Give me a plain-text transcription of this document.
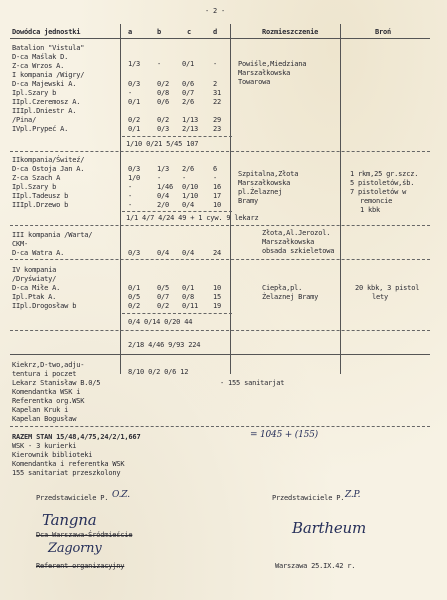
- 2 -
Dowódca jednostki	a	b	c	d	Rozmieszczenie	Broń
Batalion "Vistula"
D-ca Maślak D.
Z-ca Wrzos A.	1/3 -	0/1	-	Powiśle,Miedziana
Marszałkowska
Towarowa
I kompania /Wigry/
D-ca Majewski A.	0/3 0/2 0/6	2
Ipl.Szary b	-	0/8 0/7	31
IIpl.Czeremosz A.	0/1 0/6 2/6	22
IIIpl.Dniestr A.
/Pina/	0/2 0/2 1/13 29
IVpl.Prypeć A.	0/1 0/3 2/13 23
1/10 0/21 5/45 107
IIkompania/Świteź/
D-ca Ostoja Jan A.	0/3 1/3 2/6	6
Z-ca Szach A	1/0 -	-	-
Ipl.Szary b	-	1/46 0/10 16
IIpl.Tadeusz b	-	0/4 1/10 17
IIIpl.Drzewo b	-	2/0 0/4	10
Szpitalna,Złota
Marszałkowska
pl.Żelaznej
Bramy
1 rkm,25 gr.szcz.
5 pistoletów,śb.
7 pistoletów w
remoncie
1 kbk
1/1 4/7 4/24 49 + 1 cyw. 9 lekarz
III kompania /Warta/
CKM-
D-ca Watra A.	0/3 0/4 0/4	24
Złota,Al.Jerozol.
Marszałkowska
obsada szkieletowa
IV kompania
/Dryświaty/
D-ca Miłe A.	0/1 0/5 0/1	10
Ipl.Ptak A.	0/5 0/7 0/8	15
IIpl.Drogosław b	0/2 0/2 0/11 19
Ciepła,pl.
Żelaznej Bramy
20 kbk, 3 pistol
lety
0/4 0/14 0/20 44
2/18 4/46 9/93 224
Kiekrz,D-two,adju-
tentura i poczet	8/10 0/2 0/6 12
Lekarz Stanisław B.0/5	- 155 sanitarjat
Komendantka WSK i
Referentka org.WSK
Kapelan Kruk i
Kapelan Bogusław
RAZEM STAN 15/48,4/75,24/2/1,667	= 1045 + (155)
WSK - 3 kurierki
Kierownik biblioteki
Komendantka i referentka WSK
155 sanitariat przeszkolony
Przedstawiciele P. O.Z.
Tangna
Dca Warszawa-Śródmieście
Zagorny
Referent organizacyjny
Przedstawiciele P. Z.P.
Bartheum
Warszawa 25.IX.42 r.
